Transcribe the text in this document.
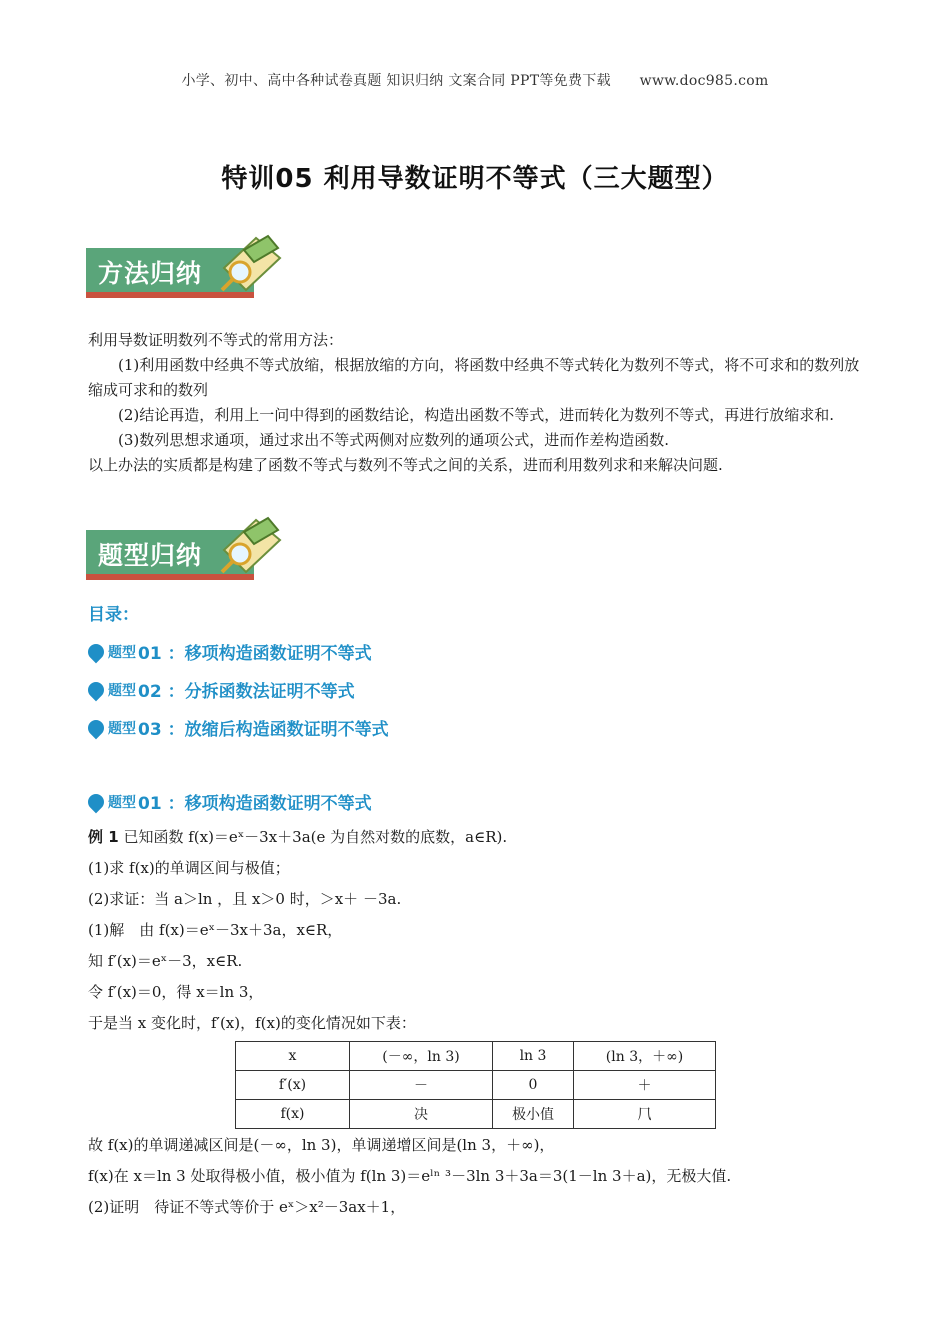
小学、初中、高中各种试卷真题 知识归纳 文案合同 PPT等免费下载 www.doc985.com
特训05 利用导数证明不等式（三大题型）
方法归纳

利用导数证明数列不等式的常用方法：

(1)利用函数中经典不等式放缩，根据放缩的方向，将函数中经典不等式转化为数列不等式，将不可求和的数列放缩成可求和的数列

(2)结论再造，利用上一问中得到的函数结论，构造出函数不等式，进而转化为数列不等式，再进行放缩求和.

(3)数列思想求通项，通过求出不等式两侧对应数列的通项公式，进而作差构造函数.

以上办法的实质都是构建了函数不等式与数列不等式之间的关系，进而利用数列求和来解决问题.

题型归纳
目录：
题型 01 ：移项构造函数证明不等式
题型 02 ：分拆函数法证明不等式
题型 03 ：放缩后构造函数证明不等式
题型 01 ：移项构造函数证明不等式

例 1 已知函数 f(x)＝eˣ－3x＋3a(e 为自然对数的底数，a∈R).

(1)求 f(x)的单调区间与极值；

(2)求证：当 a＞ln ，且 x＞0 时，＞x＋ －3a.

(1)解　由 f(x)＝eˣ－3x＋3a，x∈R，

知 f′(x)＝eˣ－3，x∈R.

令 f′(x)＝0，得 x＝ln 3，

于是当 x 变化时，f′(x)，f(x)的变化情况如下表：

x	(－∞，ln 3)	ln 3	(ln 3，＋∞)
f′(x)	－	0	＋
f(x)	决	极小值	⺇

故 f(x)的单调递减区间是(－∞，ln 3)，单调递增区间是(ln 3，＋∞)，

f(x)在 x＝ln 3 处取得极小值，极小值为 f(ln 3)＝eˡⁿ ³－3ln 3＋3a＝3(1－ln 3＋a)，无极大值.

(2)证明　待证不等式等价于 eˣ＞x²－3ax＋1，
